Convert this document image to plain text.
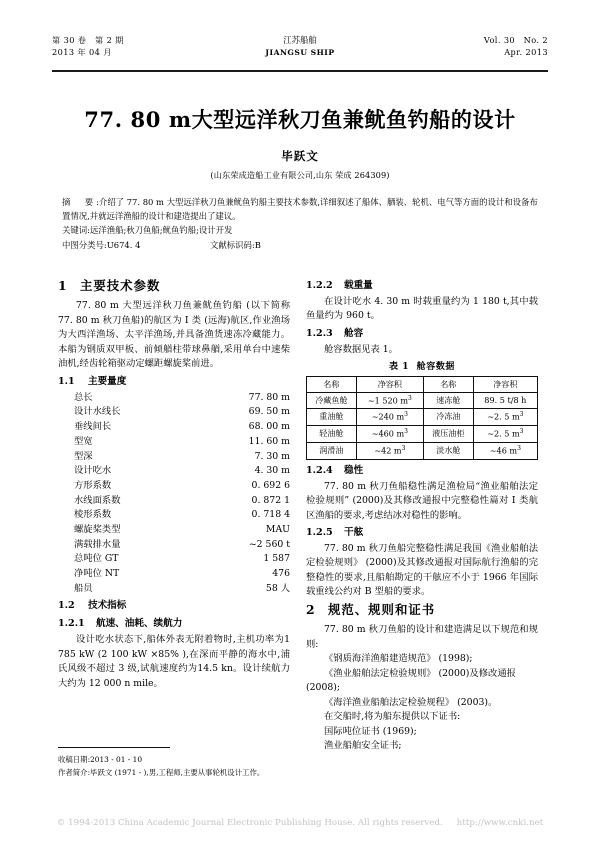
第 30 卷　第 2 期
2013 年 04 月
江苏船舶
JIANGSU SHIP
Vol. 30　No. 2
Apr. 2013
77. 80 m大型远洋秋刀鱼兼鱿鱼钓船的设计
毕跃文
(山东荣成造船工业有限公司,山东 荣成 264309)
摘　要:介绍了 77. 80 m 大型远洋秋刀鱼兼鱿鱼钓船主要技术参数,详细叙述了船体、舾装、轮机、电气等方面的设计和设备布置情况,并就远洋渔船的设计和建造提出了建议。
关键词:远洋渔船;秋刀鱼船;鱿鱼钓船;设计开发
中图分类号:U674. 4	文献标识码:B
1 主要技术参数

77. 80 m 大型远洋秋刀鱼兼鱿鱼钓船 (以下简称77. 80 m 秋刀鱼船)的航区为 Ⅰ 类 (远海)航区,作业渔场为大西洋渔场、太平洋渔场,并具备渔货速冻冷藏能力。本船为钢质双甲板、前倾艏柱带球鼻艏,采用单台中速柴油机,经齿轮箱驱动定螺距螺旋桨前进。

1.1	主要量度
总长	77. 80 m
设计水线长	69. 50 m
垂线间长	68. 00 m
型宽	11. 60 m
型深	7. 30 m
设计吃水	4. 30 m
方形系数	0. 692 6
水线面系数	0. 872 1
棱形系数	0. 718 4
螺旋桨类型	MAU
满载排水量	~2 560 t
总吨位 GT	1 587
净吨位 NT	476
船员	58 人
1.2	技术指标
1.2.1	航速、油耗、续航力

设计吃水状态下,船体外表无附着物时,主机功率为1 785 kW (2 100 kW ×85% ),在深而平静的海水中,浦氏风级不超过 3 级,试航速度约为14.5 kn。设计续航力大约为 12 000 n mile。

1.2.2	载重量

在设计吃水 4. 30 m 时载重量约为 1 180 t,其中载鱼量约为 960 t。

1.2.3	舱容

舱容数据见表 1。

表 1 舱容数据
名称	净容积	名称	净容积
冷藏鱼舱	~1 520 $m^3$	速冻舱	89. 5 t/8 h
重油舱	~240 $m^3$	冷冻油	~2. 5 $m^3$
轻油舱	~460 $m^3$	液压油柜	~2. 5 $m^3$
润滑油	~42 $m^3$	淡水舱	~46 $m^3$
1.2.4	稳性

77. 80 m 秋刀鱼船稳性满足渔检局“渔业船舶法定检验规则” (2000)及其修改通报中完整稳性篇对 Ⅰ 类航区渔船的要求,考虑结冰对稳性的影响。

1.2.5	干舷

77. 80 m 秋刀鱼船完整稳性满足我国《渔业船舶法定检验规则》 (2000)及其修改通报对国际航行渔船的完整稳性的要求,且船舶勘定的干舷应不小于 1966 年国际载重线公约对 B 型船的要求。

2 规范、规则和证书

77. 80 m 秋刀鱼船的设计和建造满足以下规范和规则:

《钢质海洋渔船建造规范》 (1998);

《渔业船舶法定检验规则》 (2000)及修改通报 (2008);

《海洋渔业船舶法定检验规程》 (2003)。

在交船时,将为船东提供以下证书:

国际吨位证书 (1969);

渔业船舶安全证书;

收稿日期:2013 - 01 - 10
作者简介:毕跃文 (1971 - ),男,工程师,主要从事轮机设计工作。
© 1994-2013 China Academic Journal Electronic Publishing House. All rights reserved. http://www.cnki.net
